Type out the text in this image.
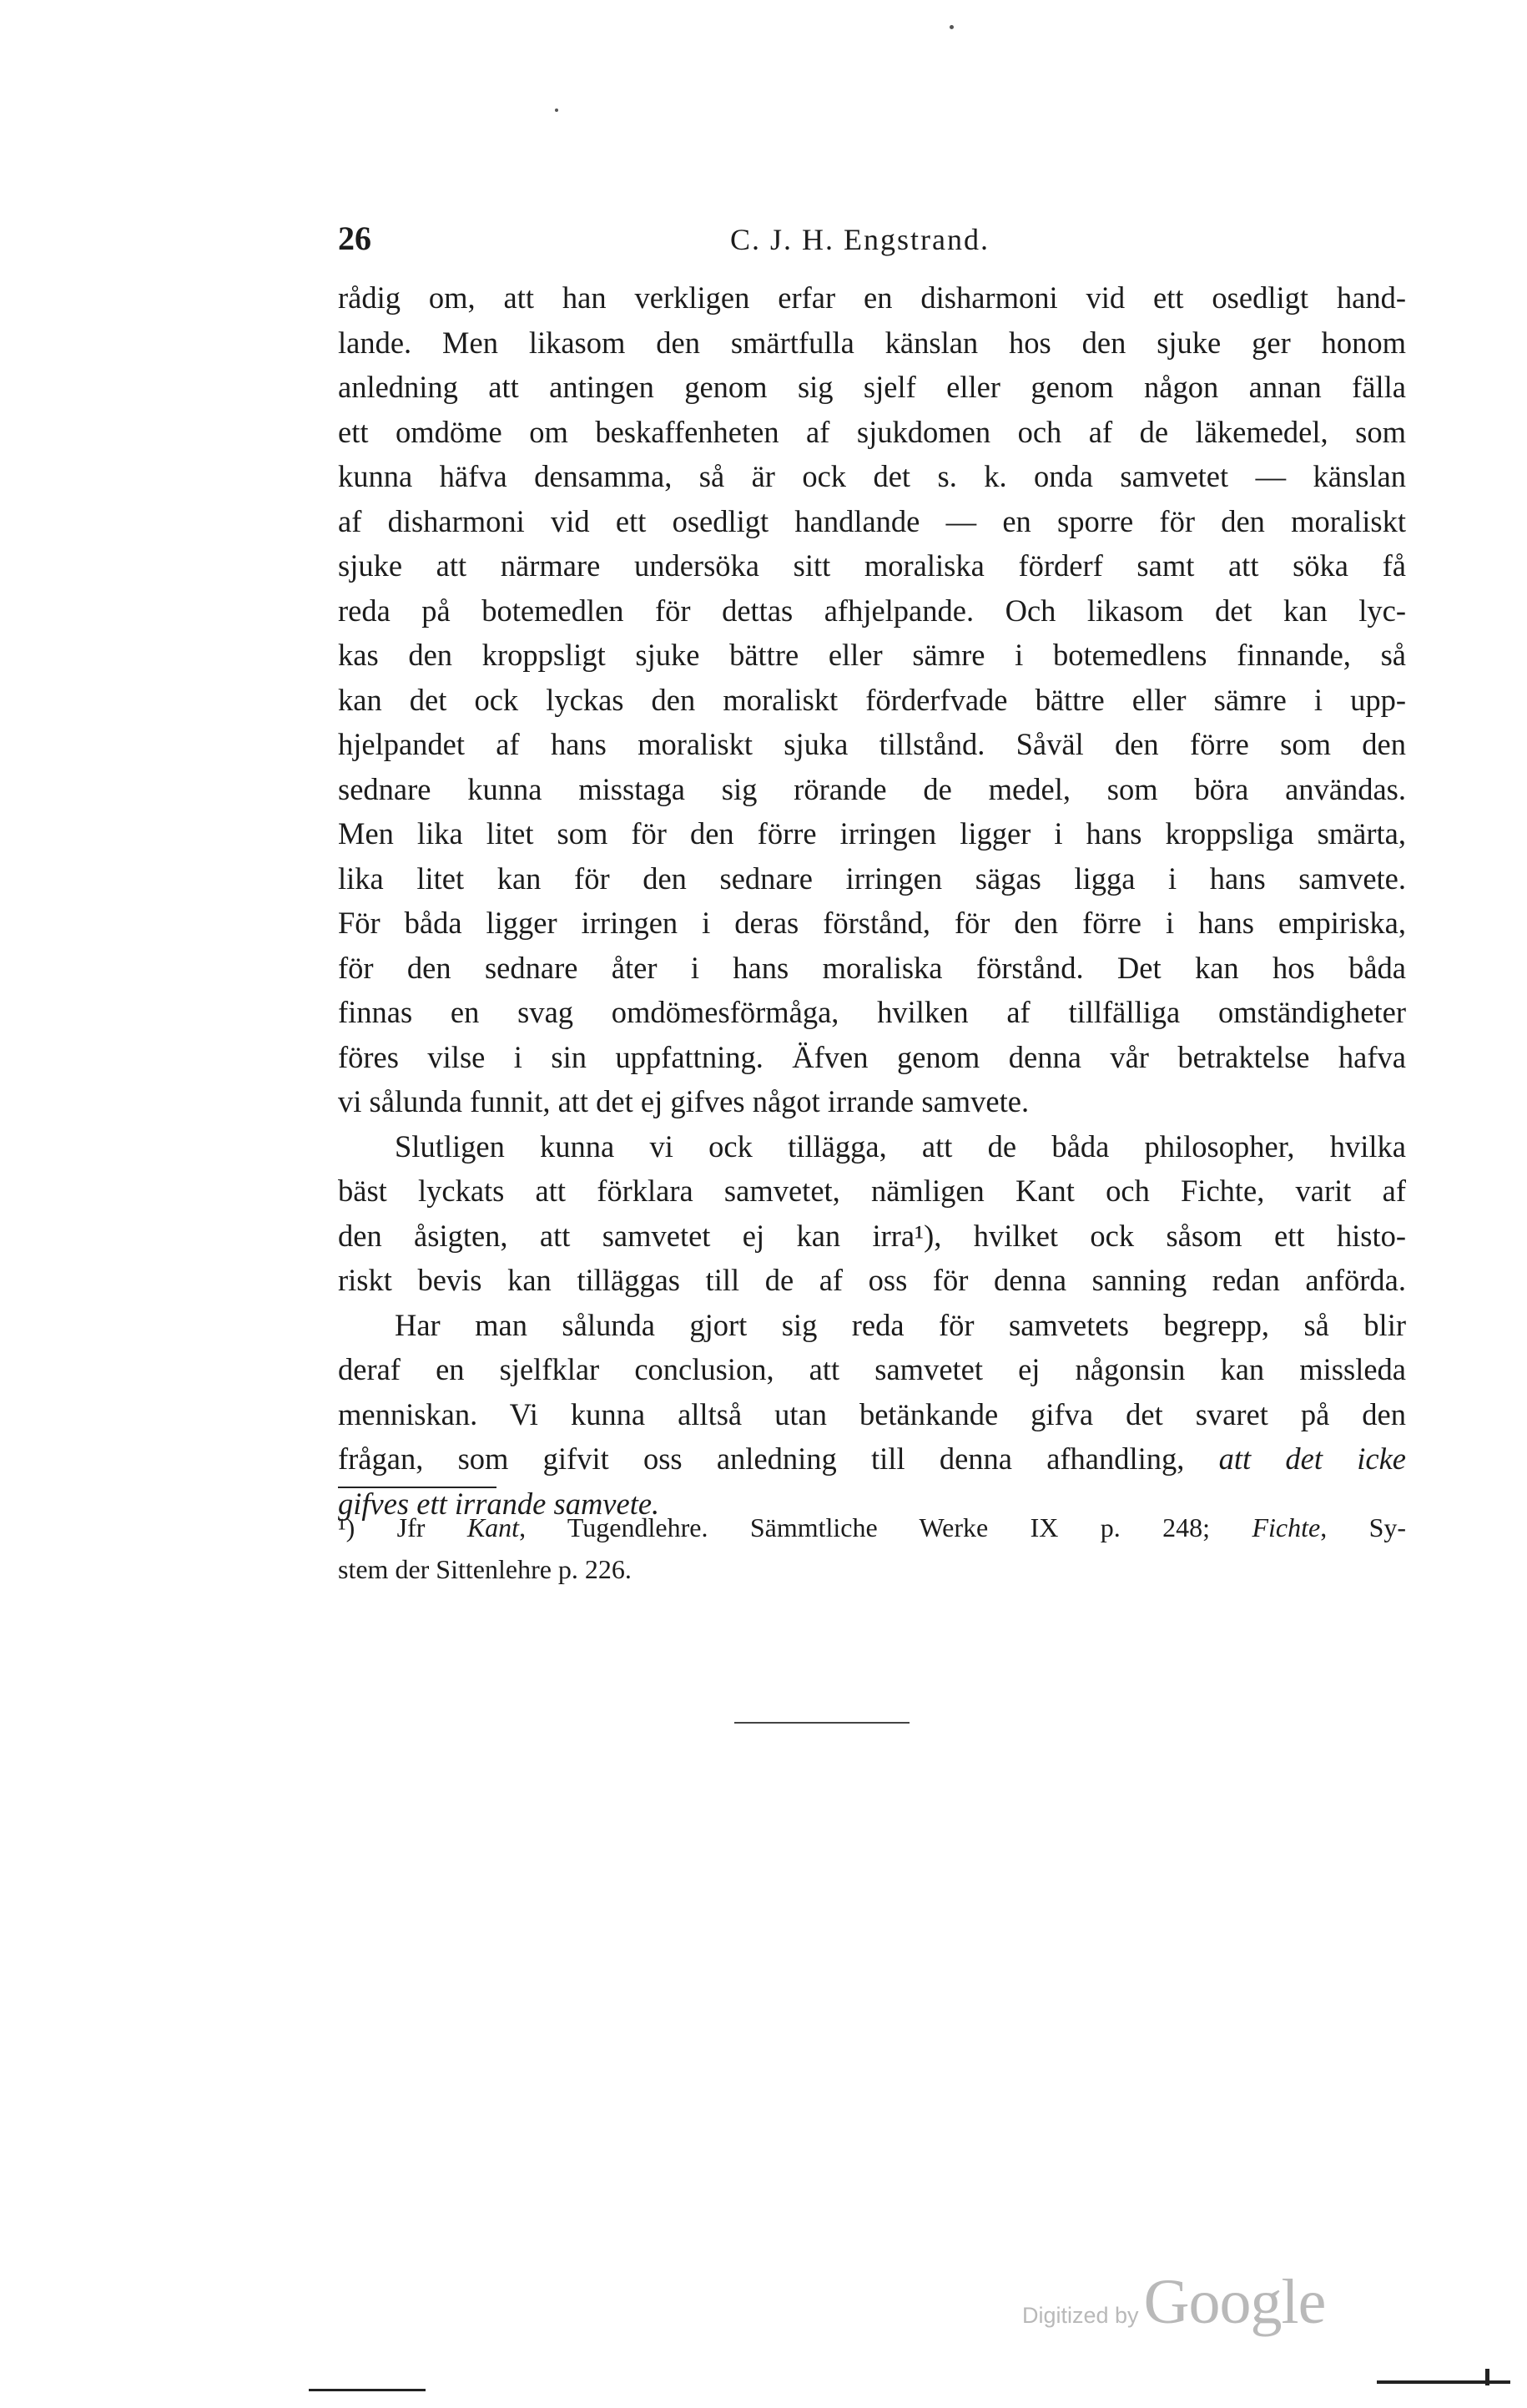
26	C. J. H. Engstrand.
rådig om, att han verkligen erfar en disharmoni vid ett osedligt hand-
lande. Men likasom den smärtfulla känslan hos den sjuke ger honom
anledning att antingen genom sig sjelf eller genom någon annan fälla
ett omdöme om beskaffenheten af sjukdomen och af de läkemedel, som
kunna häfva densamma, så är ock det s. k. onda samvetet — känslan
af disharmoni vid ett osedligt handlande — en sporre för den moraliskt
sjuke att närmare undersöka sitt moraliska förderf samt att söka få
reda på botemedlen för dettas afhjelpande. Och likasom det kan lyc-
kas den kroppsligt sjuke bättre eller sämre i botemedlens finnande, så
kan det ock lyckas den moraliskt förderfvade bättre eller sämre i upp-
hjelpandet af hans moraliskt sjuka tillstånd. Såväl den förre som den
sednare kunna misstaga sig rörande de medel, som böra användas.
Men lika litet som för den förre irringen ligger i hans kroppsliga smärta,
lika litet kan för den sednare irringen sägas ligga i hans samvete.
För båda ligger irringen i deras förstånd, för den förre i hans empiriska,
för den sednare åter i hans moraliska förstånd. Det kan hos båda
finnas en svag omdömesförmåga, hvilken af tillfälliga omständigheter
föres vilse i sin uppfattning. Äfven genom denna vår betraktelse hafva
vi sålunda funnit, att det ej gifves något irrande samvete.
Slutligen kunna vi ock tillägga, att de båda philosopher, hvilka
bäst lyckats att förklara samvetet, nämligen Kant och Fichte, varit af
den åsigten, att samvetet ej kan irra¹), hvilket ock såsom ett histo-
riskt bevis kan tilläggas till de af oss för denna sanning redan anförda.
Har man sålunda gjort sig reda för samvetets begrepp, så blir
deraf en sjelfklar conclusion, att samvetet ej någonsin kan missleda
menniskan. Vi kunna alltså utan betänkande gifva det svaret på den
frågan, som gifvit oss anledning till denna afhandling, att det icke
gifves ett irrande samvete.
¹) Jfr Kant, Tugendlehre. Sämmtliche Werke IX p. 248; Fichte, Sy-
stem der Sittenlehre p. 226.
Digitized by Google
